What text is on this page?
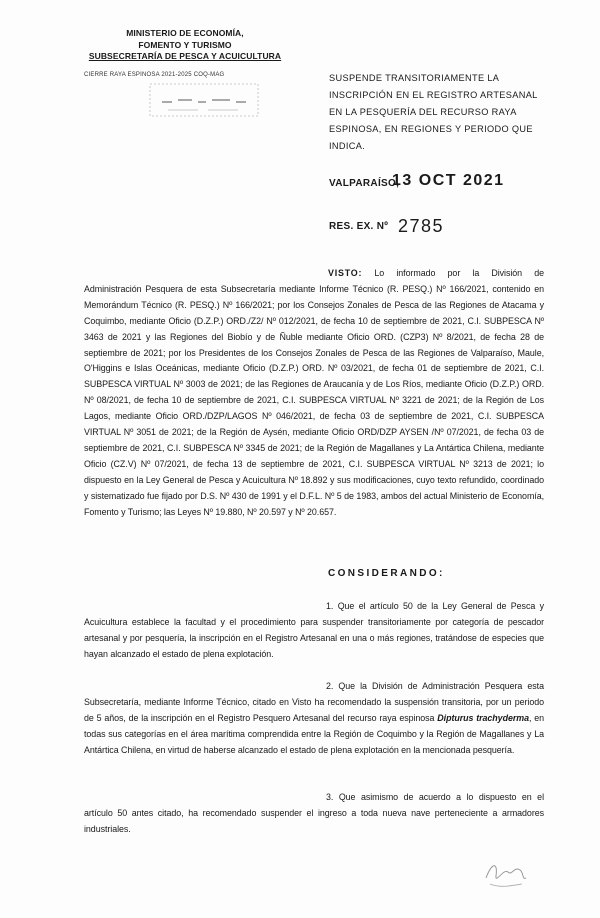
MINISTERIO DE ECONOMÍA,
FOMENTO Y TURISMO
SUBSECRETARÍA DE PESCA Y ACUICULTURA
CIERRE RAYA ESPINOSA 2021-2025 COQ-MAG	SUSPENDE TRANSITORIAMENTE LA INSCRIPCIÓN EN EL REGISTRO ARTESANAL EN LA PESQUERÍA DEL RECURSO RAYA ESPINOSA, EN REGIONES Y PERIODO QUE INDICA.
VALPARAÍSO,
13 OCT 2021
RES. EX. Nº 2785
VISTO: Lo informado por la División de Administración Pesquera de esta Subsecretaría mediante Informe Técnico (R. PESQ.) Nº 166/2021, contenido en Memorándum Técnico (R. PESQ.) Nº 166/2021; por los Consejos Zonales de Pesca de las Regiones de Atacama y Coquimbo, mediante Oficio (D.Z.P.) ORD./Z2/ Nº 012/2021, de fecha 10 de septiembre de 2021, C.I. SUBPESCA Nº 3463 de 2021 y las Regiones del Biobío y de Ñuble mediante Oficio ORD. (CZP3) Nº 8/2021, de fecha 28 de septiembre de 2021; por los Presidentes de los Consejos Zonales de Pesca de las Regiones de Valparaíso, Maule, O'Higgins e Islas Oceánicas, mediante Oficio (D.Z.P.) ORD. Nº 03/2021, de fecha 01 de septiembre de 2021, C.I. SUBPESCA VIRTUAL Nº 3003 de 2021; de las Regiones de Araucanía y de Los Ríos, mediante Oficio (D.Z.P.) ORD. Nº 08/2021, de fecha 10 de septiembre de 2021, C.I. SUBPESCA VIRTUAL Nº 3221 de 2021; de la Región de Los Lagos, mediante Oficio ORD./DZP/LAGOS Nº 046/2021, de fecha 03 de septiembre de 2021, C.I. SUBPESCA VIRTUAL Nº 3051 de 2021; de la Región de Aysén, mediante Oficio ORD/DZP AYSEN /Nº 07/2021, de fecha 03 de septiembre de 2021, C.I. SUBPESCA Nº 3345 de 2021; de la Región de Magallanes y La Antártica Chilena, mediante Oficio (CZ.V) Nº 07/2021, de fecha 13 de septiembre de 2021, C.I. SUBPESCA VIRTUAL Nº 3213 de 2021; lo dispuesto en la Ley General de Pesca y Acuicultura Nº 18.892 y sus modificaciones, cuyo texto refundido, coordinado y sistematizado fue fijado por D.S. Nº 430 de 1991 y el D.F.L. Nº 5 de 1983, ambos del actual Ministerio de Economía, Fomento y Turismo; las Leyes Nº 19.880, Nº 20.597 y Nº 20.657.
CONSIDERANDO:
1. Que el artículo 50 de la Ley General de Pesca y Acuicultura establece la facultad y el procedimiento para suspender transitoriamente por categoría de pescador artesanal y por pesquería, la inscripción en el Registro Artesanal en una o más regiones, tratándose de especies que hayan alcanzado el estado de plena explotación.
2. Que la División de Administración Pesquera esta Subsecretaría, mediante Informe Técnico, citado en Visto ha recomendado la suspensión transitoria, por un periodo de 5 años, de la inscripción en el Registro Pesquero Artesanal del recurso raya espinosa Dipturus trachyderma, en todas sus categorías en el área marítima comprendida entre la Región de Coquimbo y la Región de Magallanes y La Antártica Chilena, en virtud de haberse alcanzado el estado de plena explotación en la mencionada pesquería.
3. Que asimismo de acuerdo a lo dispuesto en el artículo 50 antes citado, ha recomendado suspender el ingreso a toda nueva nave perteneciente a armadores industriales.
